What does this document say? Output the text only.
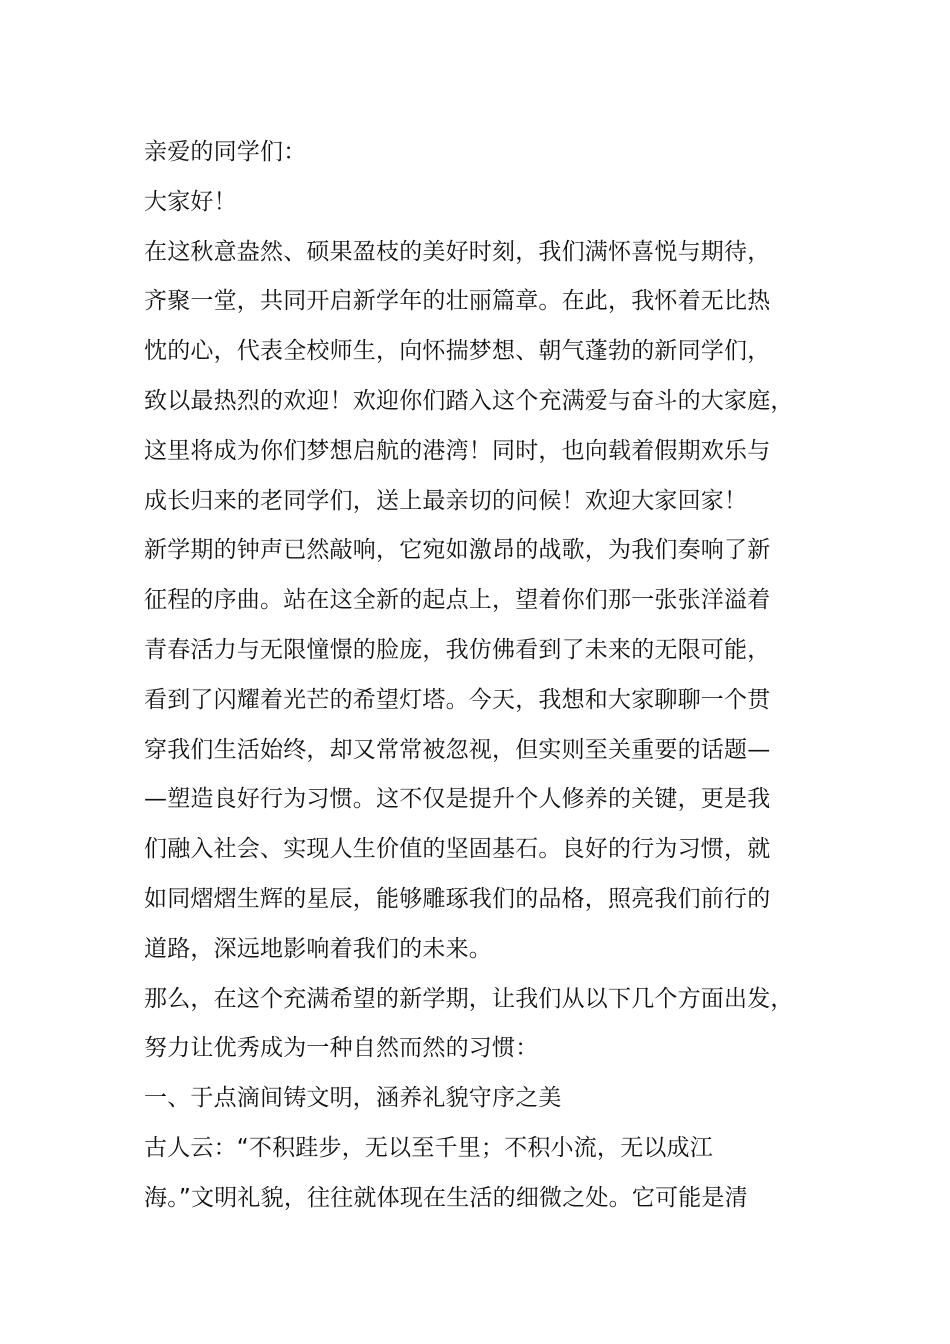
亲爱的同学们：
大家好！
在这秋意盎然、硕果盈枝的美好时刻，我们满怀喜悦与期待，
齐聚一堂，共同开启新学年的壮丽篇章。在此，我怀着无比热
忱的心，代表全校师生，向怀揣梦想、朝气蓬勃的新同学们，
致以最热烈的欢迎！欢迎你们踏入这个充满爱与奋斗的大家庭，
这里将成为你们梦想启航的港湾！同时，也向载着假期欢乐与
成长归来的老同学们，送上最亲切的问候！欢迎大家回家！
新学期的钟声已然敲响，它宛如激昂的战歌，为我们奏响了新
征程的序曲。站在这全新的起点上，望着你们那一张张洋溢着
青春活力与无限憧憬的脸庞，我仿佛看到了未来的无限可能，
看到了闪耀着光芒的希望灯塔。今天，我想和大家聊聊一个贯
穿我们生活始终，却又常常被忽视，但实则至关重要的话题—
—塑造良好行为习惯。这不仅是提升个人修养的关键，更是我
们融入社会、实现人生价值的坚固基石。良好的行为习惯，就
如同熠熠生辉的星辰，能够雕琢我们的品格，照亮我们前行的
道路，深远地影响着我们的未来。
那么，在这个充满希望的新学期，让我们从以下几个方面出发，
努力让优秀成为一种自然而然的习惯：
一、于点滴间铸文明，涵养礼貌守序之美
古人云：“不积跬步，无以至千里；不积小流，无以成江
海。”文明礼貌，往往就体现在生活的细微之处。它可能是清
